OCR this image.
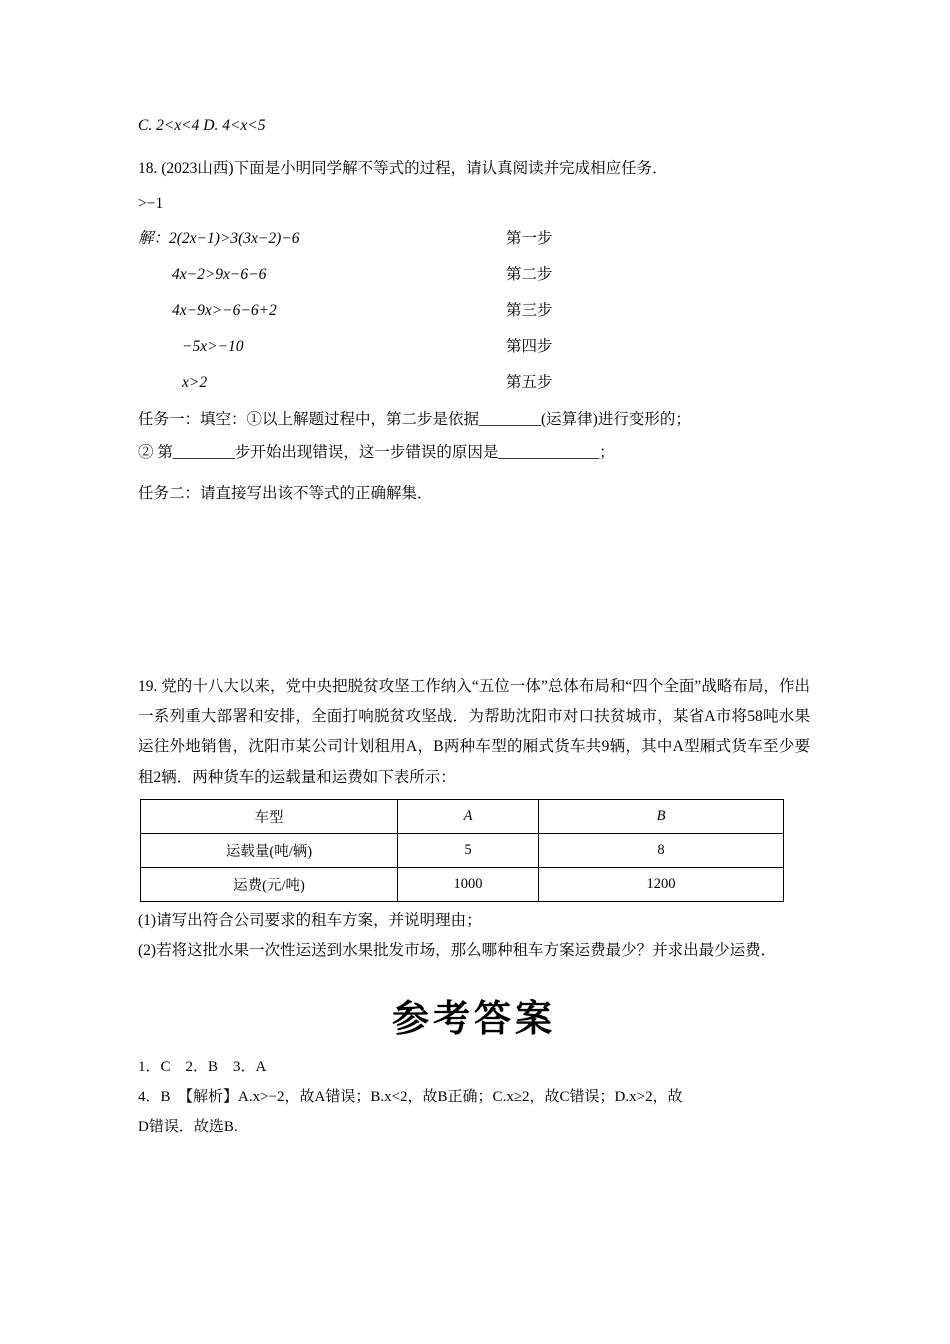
C. 2<x<4 D. 4<x<5
18. (2023山西)下面是小明同学解不等式的过程，请认真阅读并完成相应任务．
>−1
解：2(2x−1)>3(3x−2)−6	第一步
4x−2>9x−6−6	第二步
4x−9x>−6−6+2	第三步
−5x>−10	第四步
x>2	第五步
任务一：填空：①以上解题过程中，第二步是依据________(运算律)进行变形的；
② 第________步开始出现错误，这一步错误的原因是_____________；
任务二：请直接写出该不等式的正确解集．

19. 党的十八大以来，党中央把脱贫攻坚工作纳入“五位一体”总体布局和“四个全面”战略布局，作出一系列重大部署和安排，全面打响脱贫攻坚战．为帮助沈阳市对口扶贫城市，某省A市将58吨水果运往外地销售，沈阳市某公司计划租用A，B两种车型的厢式货车共9辆，其中A型厢式货车至少要租2辆．两种货车的运载量和运费如下表所示：

车型	A	B
运载量(吨/辆)	5	8
运费(元/吨)	1000	1200

(1)请写出符合公司要求的租车方案，并说明理由；

(2)若将这批水果一次性运送到水果批发市场，那么哪种租车方案运费最少？并求出最少运费．

参考答案

1．C　2．B　3．A

4．B　【解析】A.x>−2，故A错误；B.x<2，故B正确；C.x≥2，故C错误；D.x>2，故

D错误．故选B.
